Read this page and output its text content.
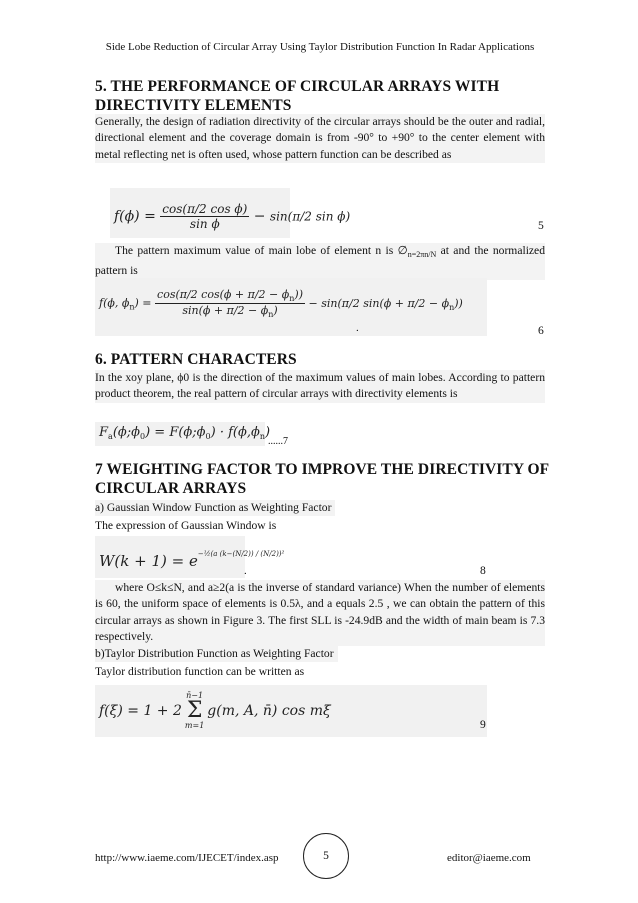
Side Lobe Reduction of Circular Array Using Taylor Distribution Function In Radar Applications
5. THE PERFORMANCE OF CIRCULAR ARRAYS WITH DIRECTIVITY ELEMENTS
Generally, the design of radiation directivity of the circular arrays should be the outer and radial, directional element and the coverage domain is from -90° to +90° to the center element with metal reflecting net is often used, whose pattern function can be described as
$f(\phi) = \frac{\text{cos(π/2 cos ϕ)}}{\text{sin ϕ}} - \sin(\pi/2$ sin ϕ)
5
The pattern maximum value of main lobe of element n is $\emptyset_{n=2\pi n/N}$ at and the normalized pattern is
f(ϕ, $\phi_n) = \frac{\cos(\pi/2 \cos(\phi + \pi/2 - \phi_n))}{\sin(\phi + \pi/2 - \phi_n)} - \sin(\pi/2$ $\sin(\phi + \pi/2 - \phi_n)$)
.	6
6. PATTERN CHARACTERS
In the xoy plane, ϕ0 is the direction of the maximum values of main lobes. According to pattern product theorem, the real pattern of circular arrays with directivity elements is
$F_a(\phi;\phi_0)$ = $F(\phi;\phi_0) \cdot f(\phi,\phi_n)$
......7
7 WEIGHTING FACTOR TO IMPROVE THE DIRECTIVITY OF CIRCULAR ARRAYS
a) Gaussian Window Function as Weighting Factor
The expression of Gaussian Window is
$W(k + 1) = e^{-\frac{1}{2}(a (k-(N/2)) / (N/2))^2}$
.	8
where O≤k≤N, and a≥2(a is the inverse of standard variance) When the number of elements is 60, the uniform space of elements is 0.5λ, and a equals 2.5 , we can obtain the pattern of this circular arrays as shown in Figure 3. The first SLL is -24.9dB and the width of main beam is 7.3 respectively.
b)Taylor Distribution Function as Weighting Factor
Taylor distribution function can be written as
f(ξ) = 1 + 2
n̄−1
Σ
m=1
g(m, A, n̄) cos mξ
9
http://www.iaeme.com/IJECET/index.asp	5	editor@iaeme.com
